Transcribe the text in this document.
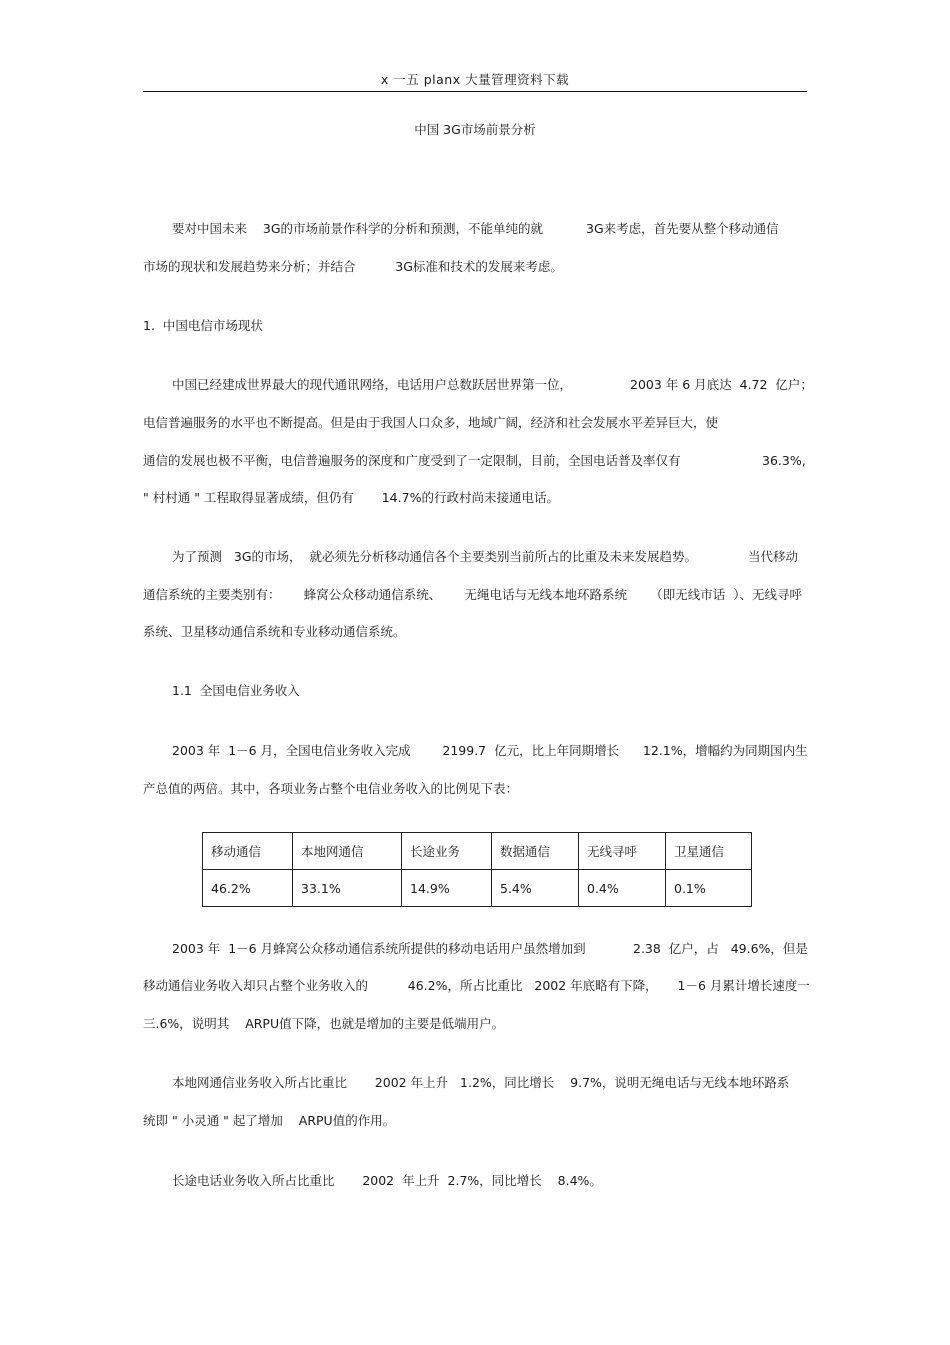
x 一五 planx 大量管理资料下载
中国 3G市场前景分析
要对中国未来    3G的市场前景作科学的分析和预测，不能单纯的就	3G来考虑，首先要从整个移动通信
市场的现状和发展趋势来分析；并结合          3G标准和技术的发展来考虑。
1.  中国电信市场现状
中国已经建成世界最大的现代通讯网络，电话用户总数跃居世界第一位，	2003 年 6 月底达  4.72  亿户；
电信普遍服务的水平也不断提高。但是由于我国人口众多，地域广阔，经济和社会发展水平差异巨大，使
通信的发展也极不平衡，电信普遍服务的深度和广度受到了一定限制，目前，全国电话普及率仅有	36.3%,
" 村村通 " 工程取得显著成绩，但仍有       14.7%的行政村尚未接通电话。
为了预测   3G的市场，  就必须先分析移动通信各个主要类别当前所占的比重及未来发展趋势。	当代移动
通信系统的主要类别有： 蜂窝公众移动通信系统、 无绳电话与无线本地环路系统 （即无线市话  ）、无线寻呼
系统、卫星移动通信系统和专业移动通信系统。
1.1  全国电信业务收入
2003 年  1－6 月，全国电信业务收入完成        2199.7  亿元，比上年同期增长      12.1%，增幅约为同期国内生
产总值的两倍。其中，各项业务占整个电信业务收入的比例见下表：
移动通信	本地网通信	长途业务	数据通信	无线寻呼	卫星通信
46.2%	33.1%	14.9%	5.4%	0.4%	0.1%
2003 年  1－6 月蜂窝公众移动通信系统所提供的移动电话用户虽然增加到	2.38  亿户，占   49.6%，但是
移动通信业务收入却只占整个业务收入的          46.2%，所占比重比   2002 年底略有下降，     1－6 月累计增长速度一
三.6%，说明其    ARPU值下降，也就是增加的主要是低端用户。
本地网通信业务收入所占比重比       2002 年上升   1.2%，同比增长    9.7%，说明无绳电话与无线本地环路系
统即 " 小灵通 " 起了增加    ARPU值的作用。
长途电话业务收入所占比重比       2002  年上升  2.7%，同比增长    8.4%。
